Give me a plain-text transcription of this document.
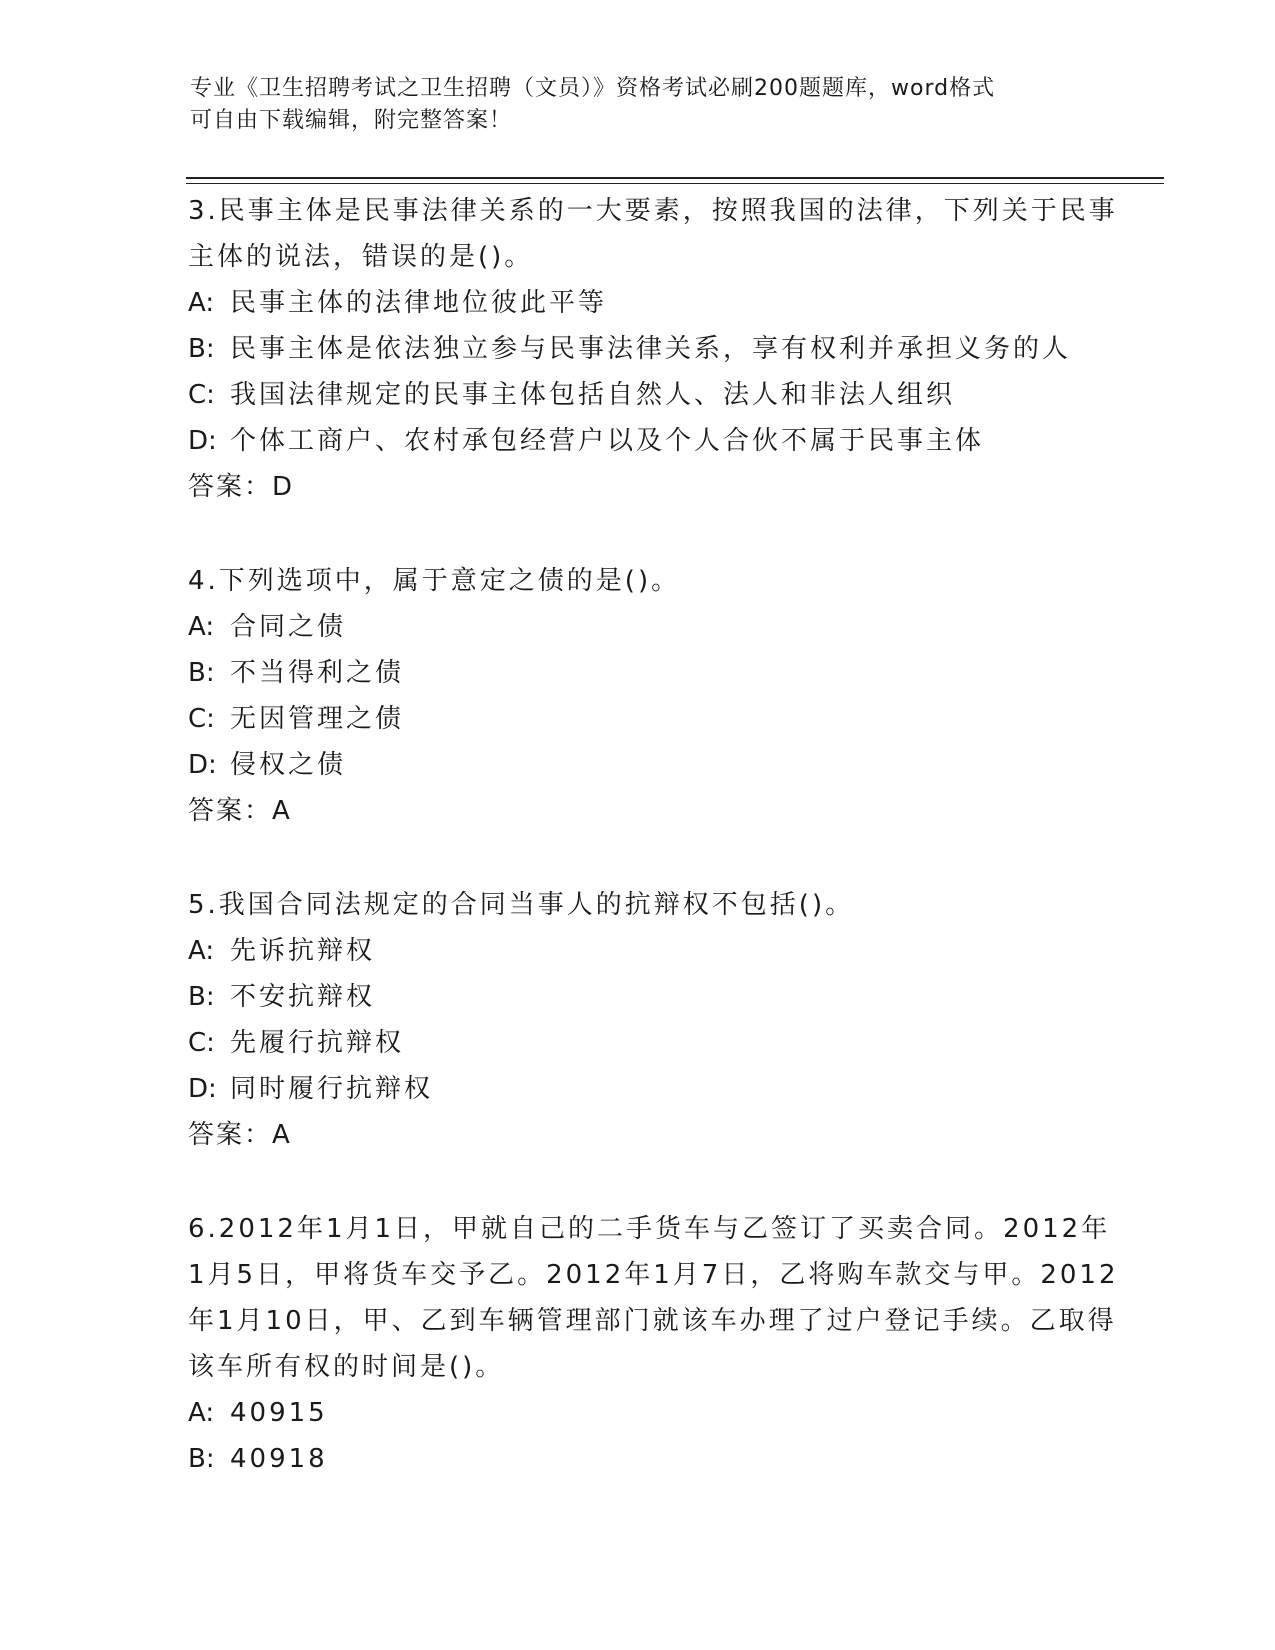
专业《卫生招聘考试之卫生招聘（文员）》资格考试必刷200题题库，word格式
可自由下载编辑，附完整答案！
3.民事主体是民事法律关系的一大要素，按照我国的法律，下列关于民事主体的说法，错误的是()。
A: 民事主体的法律地位彼此平等
B: 民事主体是依法独立参与民事法律关系，享有权利并承担义务的人
C: 我国法律规定的民事主体包括自然人、法人和非法人组织
D: 个体工商户、农村承包经营户以及个人合伙不属于民事主体
答案：D
4.下列选项中，属于意定之债的是()。
A: 合同之债
B: 不当得利之债
C: 无因管理之债
D: 侵权之债
答案：A
5.我国合同法规定的合同当事人的抗辩权不包括()。
A: 先诉抗辩权
B: 不安抗辩权
C: 先履行抗辩权
D: 同时履行抗辩权
答案：A
6.2012年1月1日，甲就自己的二手货车与乙签订了买卖合同。2012年1月5日，甲将货车交予乙。2012年1月7日，乙将购车款交与甲。2012年1月10日，甲、乙到车辆管理部门就该车办理了过户登记手续。乙取得该车所有权的时间是()。
A: 40915
B: 40918
